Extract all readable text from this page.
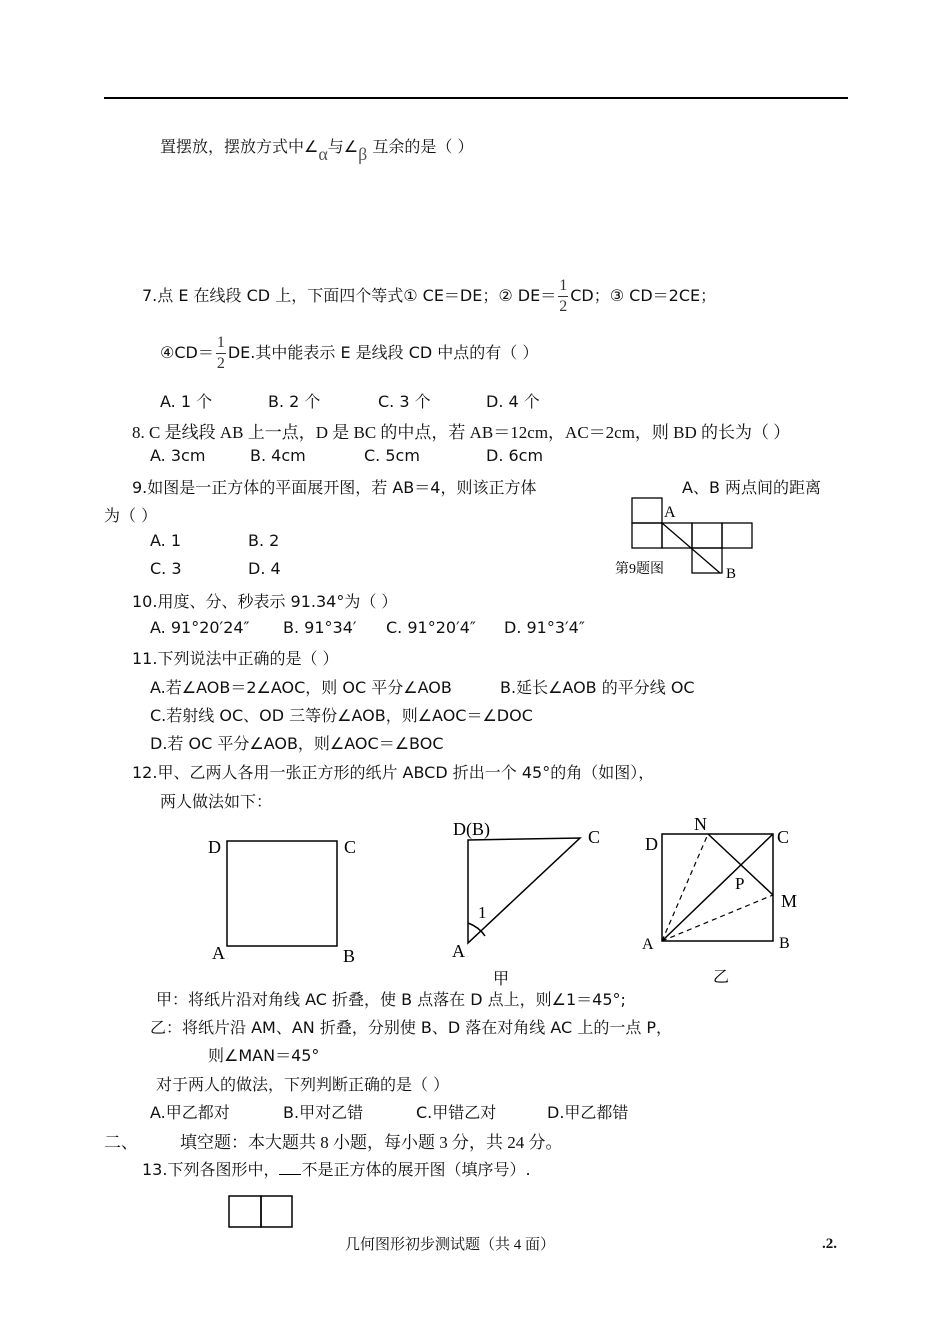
置摆放，摆放方式中∠α与∠β 互余的是（ ）
7.点 E 在线段 CD 上，下面四个等式① CE＝DE；② $DE= \frac{1}{2}$ CD；③ CD＝2CE；
④CD＝ $\frac{1}{2}$ DE.其中能表示 E 是线段 CD 中点的有（ ）
A. 1 个	B. 2 个	C. 3 个	D. 4 个
8. C 是线段 AB 上一点，D 是 BC 的中点，若 AB＝12cm，AC＝2cm，则 BD 的长为（ ）
A. 3cm	B. 4cm	C. 5cm	D. 6cm
9.如图是一正方体的平面展开图，若 AB＝4，则该正方体	A、B 两点间的距离
为（ ）
A. 1	B. 2
C. 3	D. 4
A
B
第9题图
10.用度、分、秒表示 91.34°为（ ）
A. 91°20′24″ B. 91°34′ C. 91°20′4″ D. 91°3′4″
11.下列说法中正确的是（ ）
A.若∠AOB＝2∠AOC，则 OC 平分∠AOB	B.延长∠AOB 的平分线 OC
C.若射线 OC、OD 三等份∠AOB，则∠AOC＝∠DOC
D.若 OC 平分∠AOB，则∠AOC＝∠BOC
12.甲、乙两人各用一张正方形的纸片 ABCD 折出一个 45°的角（如图），
两人做法如下：
D	C
A	B
D(B)	C
1
A
甲
N
D	C
P
M
A	B
乙
甲：将纸片沿对角线 AC 折叠，使 B 点落在 D 点上，则∠1＝45°;
乙：将纸片沿 AM、AN 折叠，分别使 B、D 落在对角线 AC 上的一点 P，
则∠MAN＝45°
对于两人的做法，下列判断正确的是（ ）
A.甲乙都对	B.甲对乙错	C.甲错乙对	D.甲乙都错
二、 填空题：本大题共 8 小题，每小题 3 分，共 24 分。
13.下列各图形中， 不是正方体的展开图（填序号）.
几何图形初步测试题（共 4 面）	.2.
